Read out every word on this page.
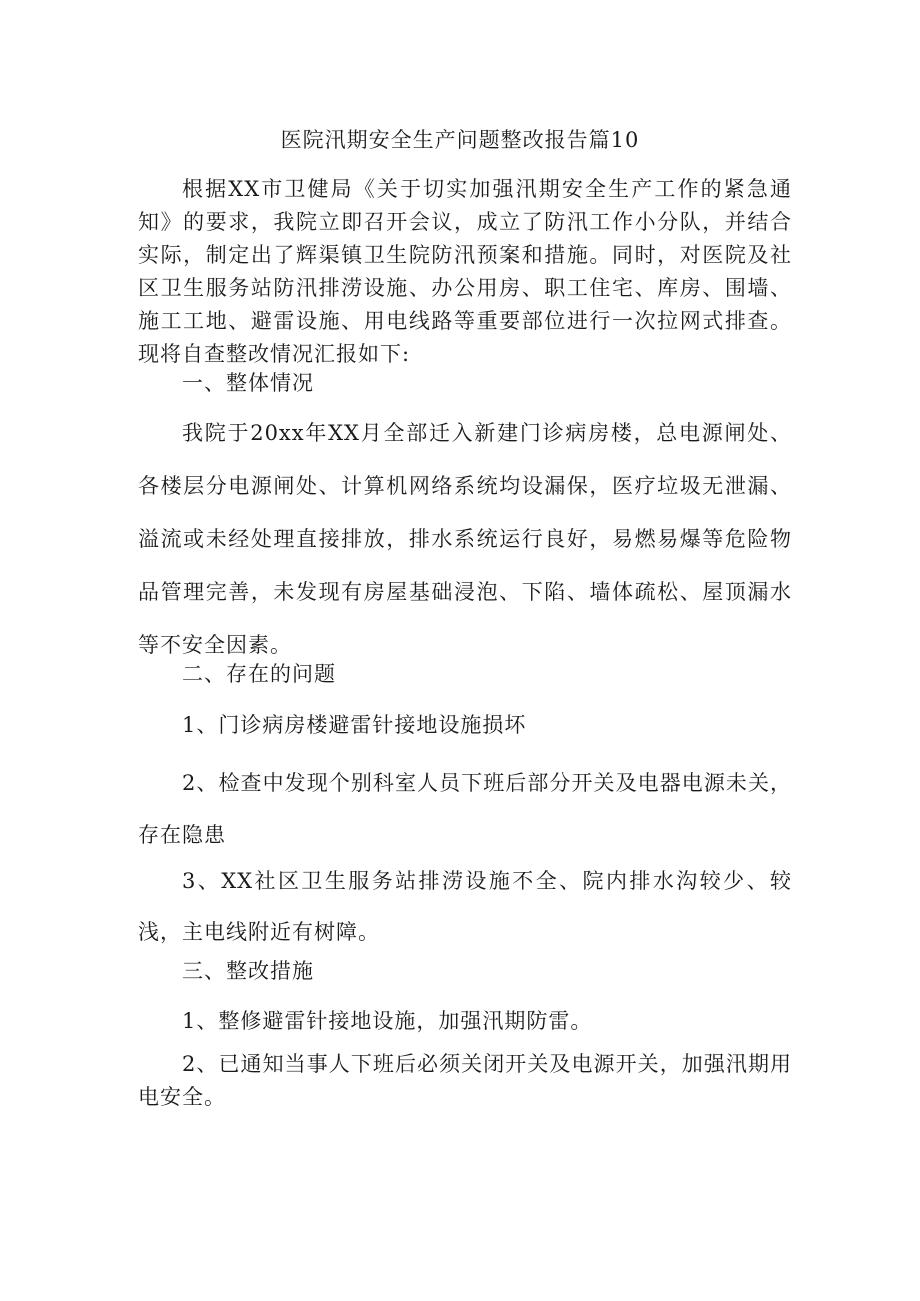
医院汛期安全生产问题整改报告篇10

根据XX市卫健局《关于切实加强汛期安全生产工作的紧急通知》的要求，我院立即召开会议，成立了防汛工作小分队，并结合实际，制定出了辉渠镇卫生院防汛预案和措施。同时，对医院及社区卫生服务站防汛排涝设施、办公用房、职工住宅、库房、围墙、施工工地、避雷设施、用电线路等重要部位进行一次拉网式排查。现将自查整改情况汇报如下:

一、整体情况

我院于20xx年XX月全部迁入新建门诊病房楼，总电源闸处、各楼层分电源闸处、计算机网络系统均设漏保，医疗垃圾无泄漏、溢流或未经处理直接排放，排水系统运行良好，易燃易爆等危险物品管理完善，未发现有房屋基础浸泡、下陷、墙体疏松、屋顶漏水等不安全因素。

二、存在的问题

1、门诊病房楼避雷针接地设施损坏

2、检查中发现个别科室人员下班后部分开关及电器电源未关，存在隐患

3、XX社区卫生服务站排涝设施不全、院内排水沟较少、较浅，主电线附近有树障。

三、整改措施

1、整修避雷针接地设施，加强汛期防雷。

2、已通知当事人下班后必须关闭开关及电源开关，加强汛期用电安全。
